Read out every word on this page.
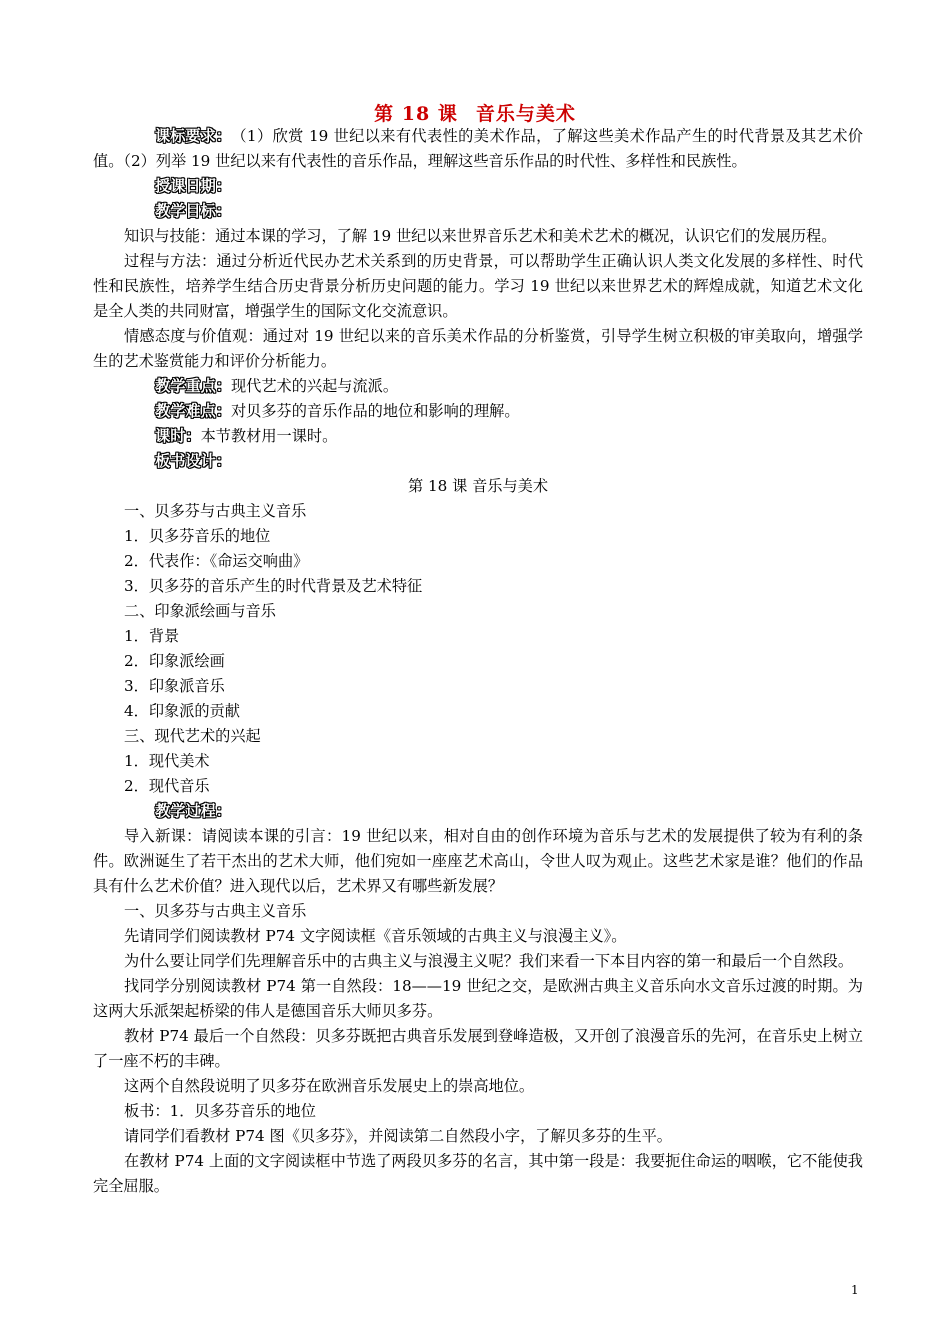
第 18 课 音乐与美术

课标要求：（1）欣赏 19 世纪以来有代表性的美术作品，了解这些美术作品产生的时代背景及其艺术价值。（2）列举 19 世纪以来有代表性的音乐作品，理解这些音乐作品的时代性、多样性和民族性。

授课日期：

教学目标：

知识与技能：通过本课的学习，了解 19 世纪以来世界音乐艺术和美术艺术的概况，认识它们的发展历程。

过程与方法：通过分析近代民办艺术关系到的历史背景，可以帮助学生正确认识人类文化发展的多样性、时代性和民族性，培养学生结合历史背景分析历史问题的能力。学习 19 世纪以来世界艺术的辉煌成就，知道艺术文化是全人类的共同财富，增强学生的国际文化交流意识。

情感态度与价值观：通过对 19 世纪以来的音乐美术作品的分析鉴赏，引导学生树立积极的审美取向，增强学生的艺术鉴赏能力和评价分析能力。

教学重点：现代艺术的兴起与流派。

教学难点：对贝多芬的音乐作品的地位和影响的理解。

课时：本节教材用一课时。

板书设计：

第 18 课 音乐与美术

一、贝多芬与古典主义音乐

1．贝多芬音乐的地位

2．代表作：《命运交响曲》

3．贝多芬的音乐产生的时代背景及艺术特征

二、印象派绘画与音乐

1．背景

2．印象派绘画

3．印象派音乐

4．印象派的贡献

三、现代艺术的兴起

1．现代美术

2．现代音乐

教学过程：

导入新课：请阅读本课的引言：19 世纪以来，相对自由的创作环境为音乐与艺术的发展提供了较为有利的条件。欧洲诞生了若干杰出的艺术大师，他们宛如一座座艺术高山，令世人叹为观止。这些艺术家是谁？他们的作品具有什么艺术价值？进入现代以后，艺术界又有哪些新发展？

一、贝多芬与古典主义音乐

先请同学们阅读教材 P74 文字阅读框《音乐领域的古典主义与浪漫主义》。

为什么要让同学们先理解音乐中的古典主义与浪漫主义呢？我们来看一下本目内容的第一和最后一个自然段。

找同学分别阅读教材 P74 第一自然段：18——19 世纪之交，是欧洲古典主义音乐向水文音乐过渡的时期。为这两大乐派架起桥梁的伟人是德国音乐大师贝多芬。

教材 P74 最后一个自然段：贝多芬既把古典音乐发展到登峰造极，又开创了浪漫音乐的先河，在音乐史上树立了一座不朽的丰碑。

这两个自然段说明了贝多芬在欧洲音乐发展史上的崇高地位。

板书：1．贝多芬音乐的地位

请同学们看教材 P74 图《贝多芬》，并阅读第二自然段小字，了解贝多芬的生平。

在教材 P74 上面的文字阅读框中节选了两段贝多芬的名言，其中第一段是：我要扼住命运的咽喉，它不能使我完全屈服。

1
